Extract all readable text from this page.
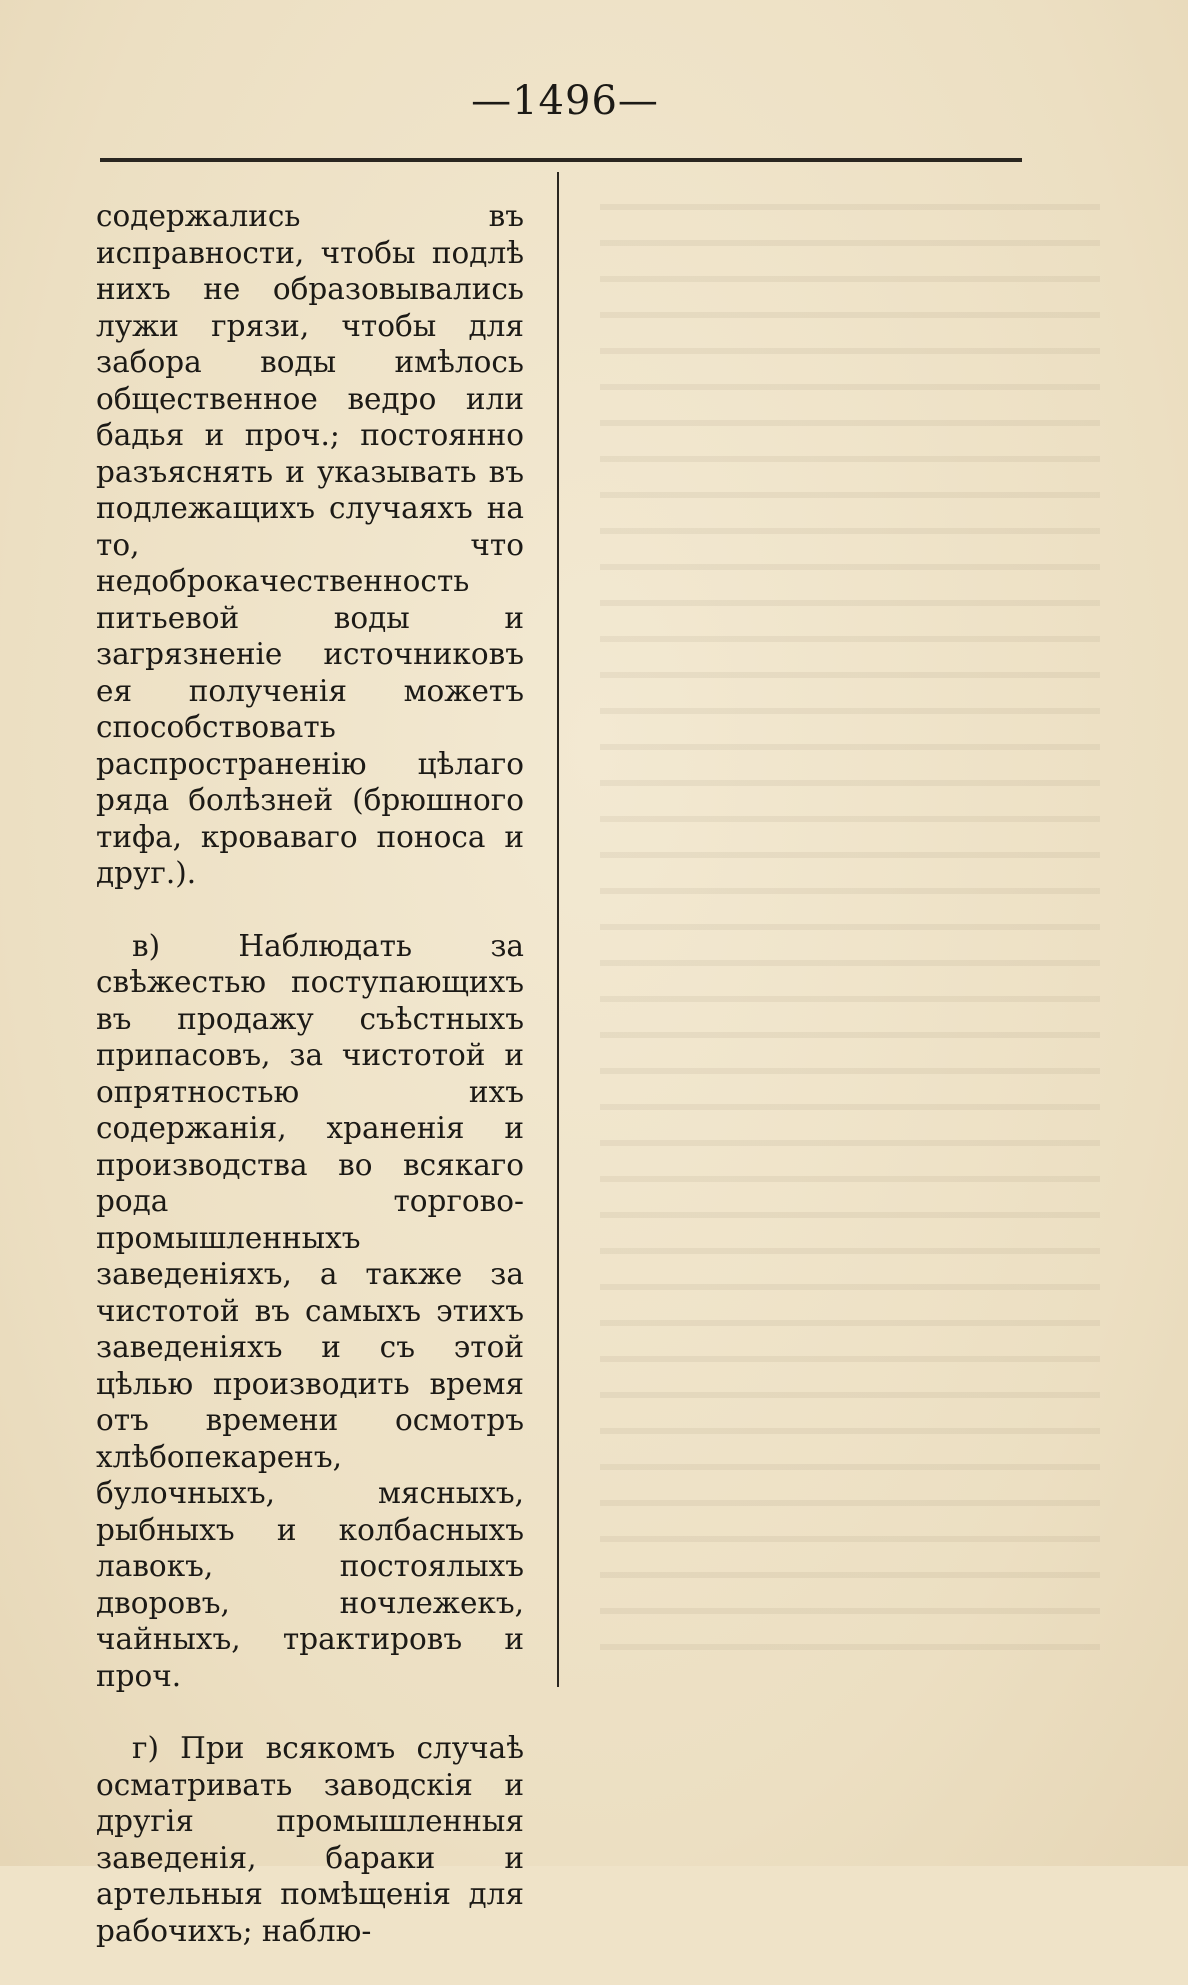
—1496—

содержались въ исправности, чтобы подлѣ нихъ не образовывались лужи грязи, чтобы для забора воды имѣлось общественное ведро или бадья и проч.; постоянно разъяснять и указывать въ подлежащихъ случаяхъ на то, что недоброкачественность питьевой воды и загрязненіе источниковъ ея полученія можетъ способствовать распространенію цѣлаго ряда болѣзней (брюшного тифа, кроваваго поноса и друг.).

в) Наблюдать за свѣжестью поступающихъ въ продажу съѣстныхъ припасовъ, за чистотой и опрятностью ихъ содержанія, храненія и производства во всякаго рода торгово-промышленныхъ заведеніяхъ, а также за чистотой въ самыхъ этихъ заведеніяхъ и съ этой цѣлью производить время отъ времени осмотръ хлѣбопекаренъ, булочныхъ, мясныхъ, рыбныхъ и колбасныхъ лавокъ, постоялыхъ дворовъ, ночлежекъ, чайныхъ, трактировъ и проч.

г) При всякомъ случаѣ осматривать заводскія и другія промышленныя заведенія, бараки и артельныя помѣщенія для рабочихъ; наблю-
